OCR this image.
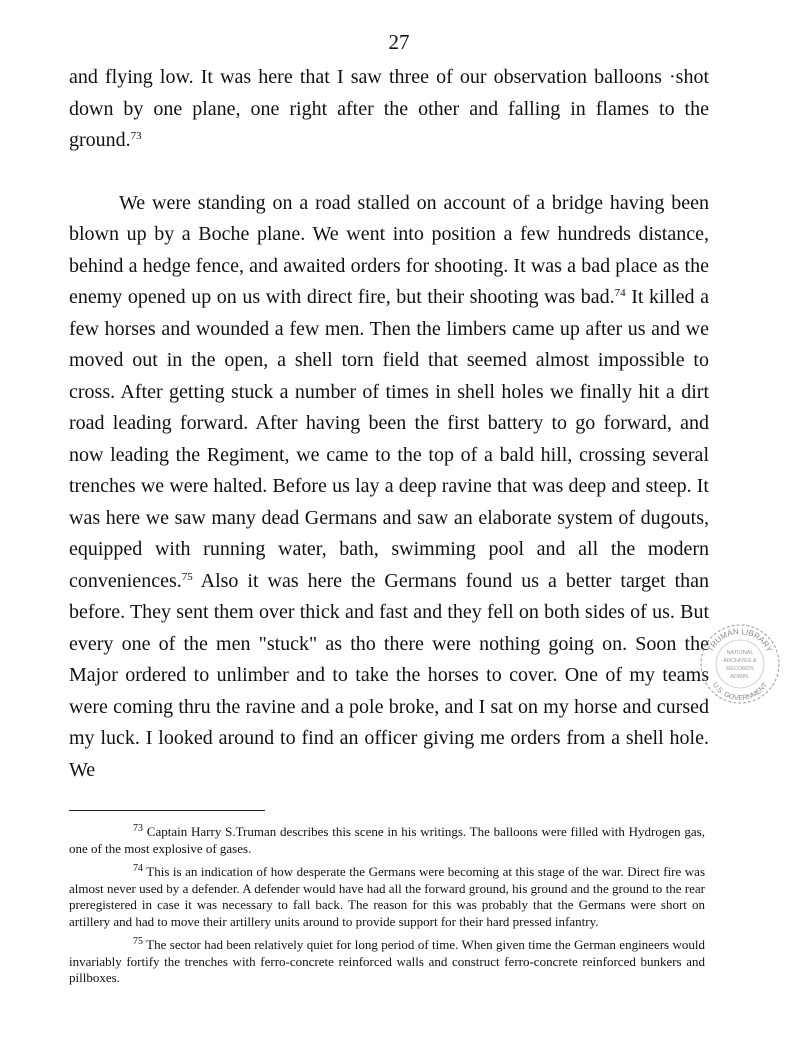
27

and flying low. It was here that I saw three of our observation balloons ·shot down by one plane, one right after the other and falling in flames to the ground.$^{73}$

We were standing on a road stalled on account of a bridge having been blown up by a Boche plane. We went into position a few hundreds distance, behind a hedge fence, and awaited orders for shooting. It was a bad place as the enemy opened up on us with direct fire, but their shooting was bad.$^{74}$ It killed a few horses and wounded a few men. Then the limbers came up after us and we moved out in the open, a shell torn field that seemed almost impossible to cross. After getting stuck a number of times in shell holes we finally hit a dirt road leading forward. After having been the first battery to go forward, and now leading the Regiment, we came to the top of a bald hill, crossing several trenches we were halted. Before us lay a deep ravine that was deep and steep. It was here we saw many dead Germans and saw an elaborate system of dugouts, equipped with running water, bath, swimming pool and all the modern conveniences.$^{75}$ Also it was here the Germans found us a better target than before. They sent them over thick and fast and they fell on both sides of us. But every one of the men "stuck" as tho there were nothing going on. Soon the Major ordered to unlimber and to take the horses to cover. One of my teams were coming thru the ravine and a pole broke, and I sat on my horse and cursed my luck. I looked around to find an officer giving me orders from a shell hole. We

TRUMAN LIBRARY
U.S. GOVERNMENT
NATIONAL
ARCHIVES &
RECORDS
ADMIN.

$^{73}$ Captain Harry S.Truman describes this scene in his writings. The balloons were filled with Hydrogen gas, one of the most explosive of gases.

$^{74}$ This is an indication of how desperate the Germans were becoming at this stage of the war. Direct fire was almost never used by a defender. A defender would have had all the forward ground, his ground and the ground to the rear preregistered in case it was necessary to fall back. The reason for this was probably that the Germans were short on artillery and had to move their artillery units around to provide support for their hard pressed infantry.

$^{75}$ The sector had been relatively quiet for long period of time. When given time the German engineers would invariably fortify the trenches with ferro-concrete reinforced walls and construct ferro-concrete reinforced bunkers and pillboxes.
